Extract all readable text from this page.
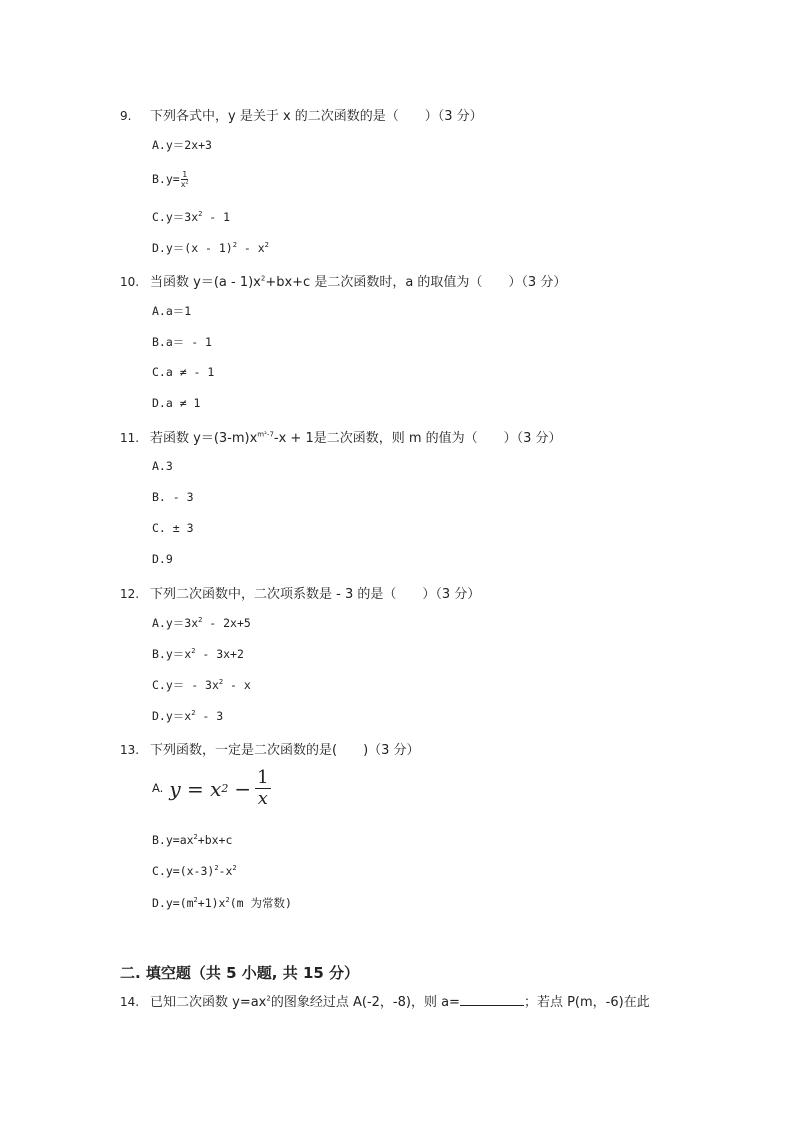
9. 下列各式中，y 是关于 x 的二次函数的是（　　）（3 分）
A.y＝2x+3
$B.y= \frac{1}{x^2}$
$C.y=3x^2 - 1$
$D.y=(x - 1)^2 - x^2$
10. 当函数 $y=(a - 1)x^2+bx+c$ 是二次函数时，a 的取值为（　　）（3 分）
A.a＝1
B.a＝ - 1
C.a ≠ - 1
D.a ≠ 1
11. 若函数 $y=(3-m)x^{m^2-7}-x + 1$是二次函数，则 m 的值为（　　）（3 分）
A.3
B. - 3
C. ± 3
D.9
12. 下列二次函数中，二次项系数是 - 3 的是（　　）（3 分）
$A.y=3x^2 - 2x+5$
$B.y=x^2 - 3x+2$
$C.y= - 3x^2 - x$
$D.y=x^2 - 3$
13. 下列函数，一定是二次函数的是(　　)（3 分）
A. y = x $2 - \frac{1}{x}$
$B.y=ax^2+bx+c$
$C.y=(x-3)^2-x^2$
$D.y=(m^2+1)x^2(m$ 为常数)
二. 填空题（共 5 小题, 共 15 分）
14. 已知二次函数 $y=ax^2$的图象经过点 A(-2，-8)，则 a=	；若点 P(m，-6)在此
